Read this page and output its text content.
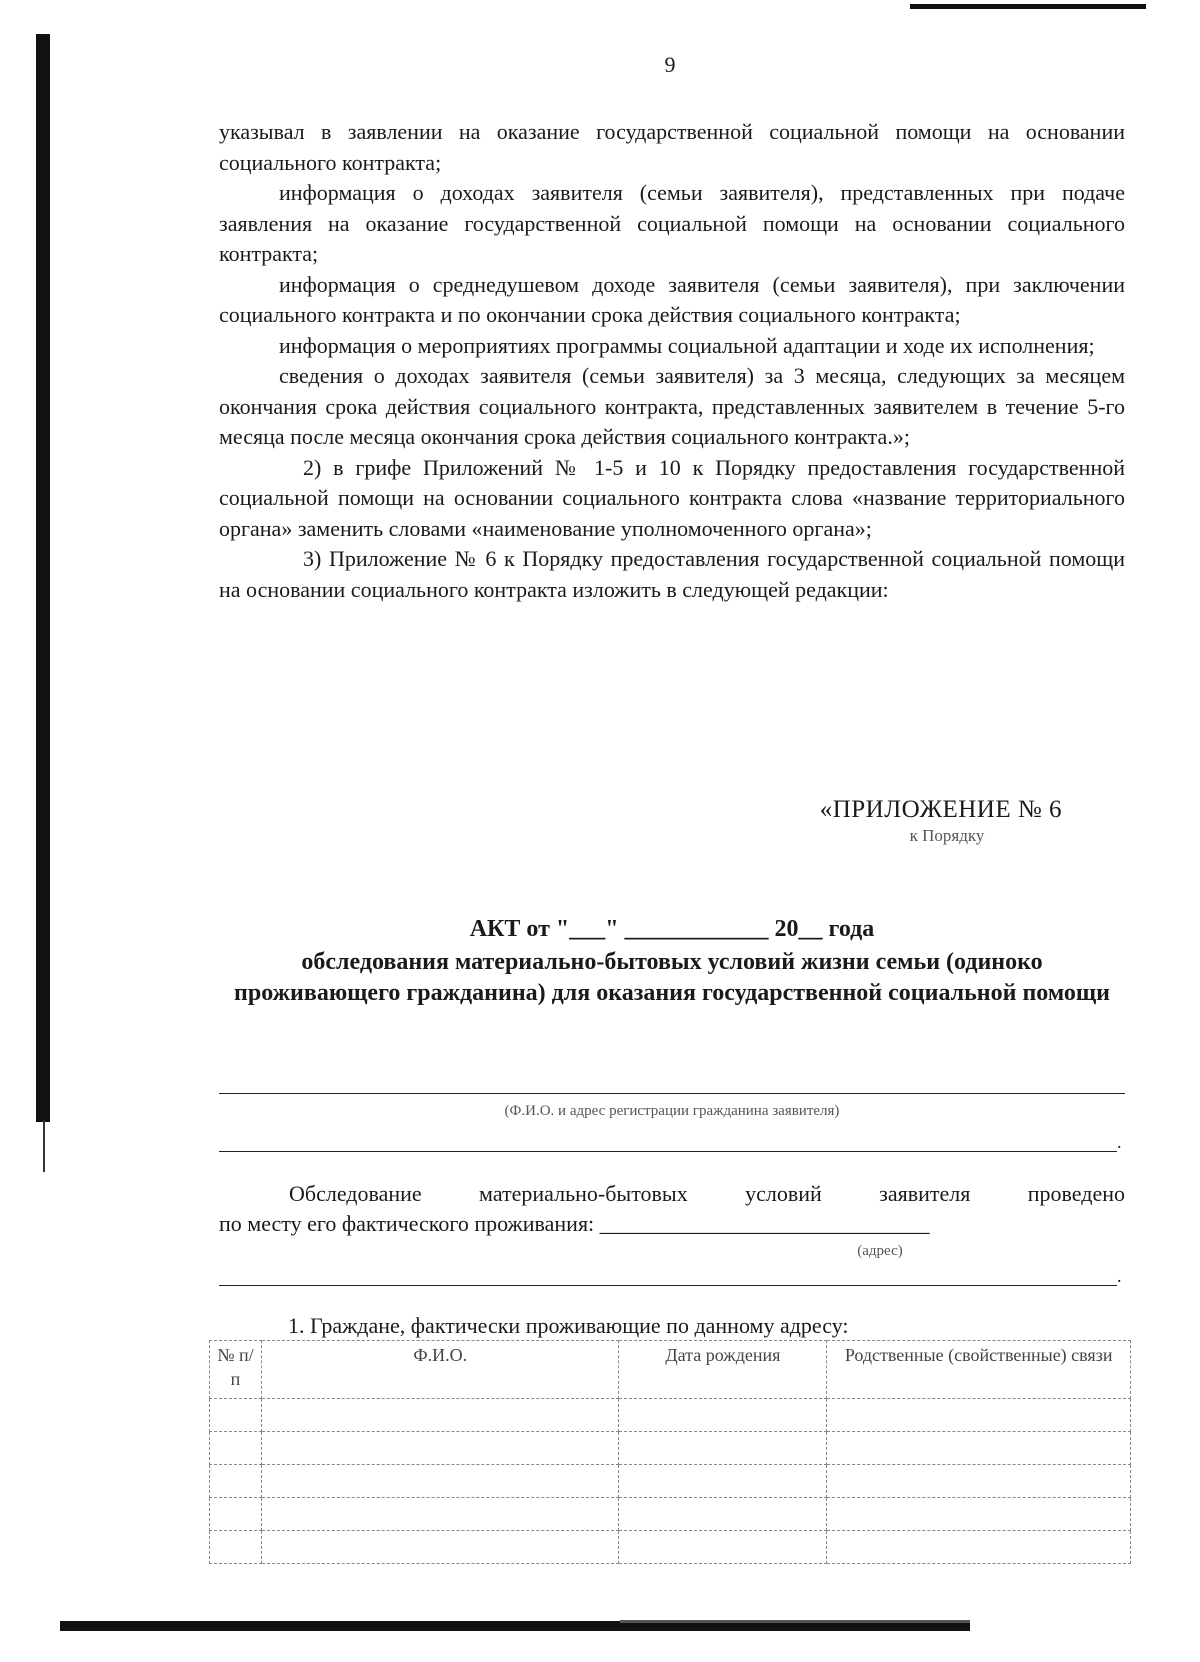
9

указывал в заявлении на оказание государственной социальной помощи на основании социального контракта;

информация о доходах заявителя (семьи заявителя), представленных при подаче заявления на оказание государственной социальной помощи на основании социального контракта;

информация о среднедушевом доходе заявителя (семьи заявителя), при заключении социального контракта и по окончании срока действия социального контракта;

информация о мероприятиях программы социальной адаптации и ходе их исполнения;

сведения о доходах заявителя (семьи заявителя) за 3 месяца, следующих за месяцем окончания срока действия социального контракта, представленных заявителем в течение 5-го месяца после месяца окончания срока действия социального контракта.»;

2) в грифе Приложений № 1-5 и 10 к Порядку предоставления государственной социальной помощи на основании социального контракта слова «название территориального органа» заменить словами «наименование уполномоченного органа»;

3) Приложение № 6 к Порядку предоставления государственной социальной помощи на основании социального контракта изложить в следующей редакции:

«ПРИЛОЖЕНИЕ № 6
к Порядку

АКТ от "___" ____________ 20__ года

обследования материально-бытовых условий жизни семьи (одиноко проживающего гражданина) для оказания государственной социальной помощи

(Ф.И.О. и адрес регистрации гражданина заявителя)
.

Обследование материально-бытовых условий заявителя проведено

по месту его фактического проживания: ______________________________

(адрес)
.
1. Граждане, фактически проживающие по данному адресу:
№ п/п	Ф.И.О.	Дата рождения	Родственные (свойственные) связи
